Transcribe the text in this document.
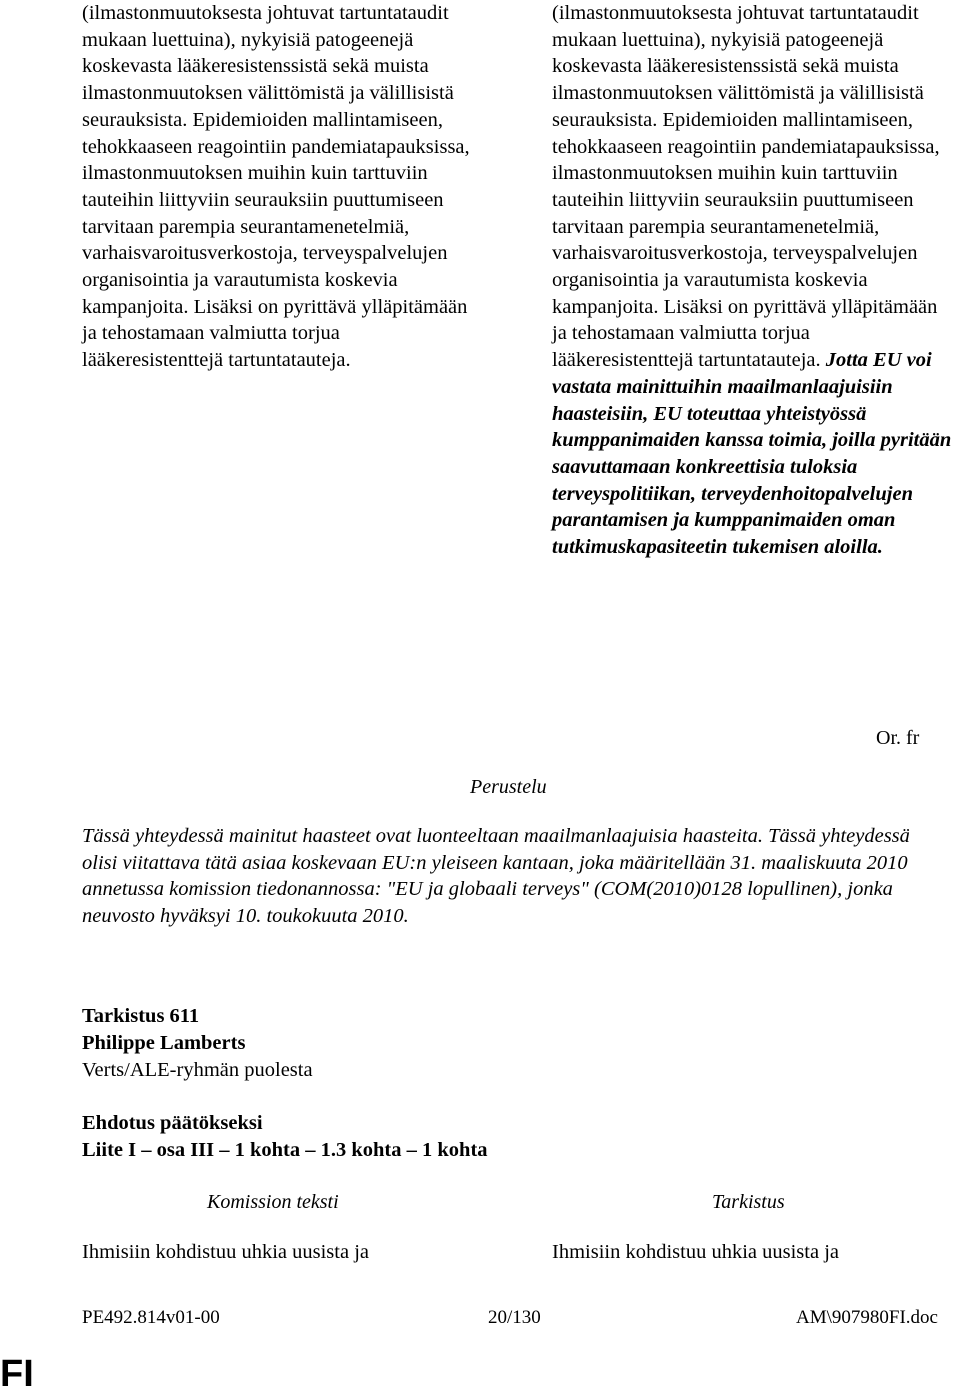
(ilmastonmuutoksesta johtuvat tartuntataudit mukaan luettuina), nykyisiä patogeenejä koskevasta lääkeresistenssistä sekä muista ilmastonmuutoksen välittömistä ja välillisistä seurauksista. Epidemioiden mallintamiseen, tehokkaaseen reagointiin pandemiatapauksissa, ilmastonmuutoksen muihin kuin tarttuviin tauteihin liittyviin seurauksiin puuttumiseen tarvitaan parempia seurantamenetelmiä, varhaisvaroitusverkostoja, terveyspalvelujen organisointia ja varautumista koskevia kampanjoita. Lisäksi on pyrittävä ylläpitämään ja tehostamaan valmiutta torjua lääkeresistenttejä tartuntatauteja.

(ilmastonmuutoksesta johtuvat tartuntataudit mukaan luettuina), nykyisiä patogeenejä koskevasta lääkeresistenssistä sekä muista ilmastonmuutoksen välittömistä ja välillisistä seurauksista. Epidemioiden mallintamiseen, tehokkaaseen reagointiin pandemiatapauksissa, ilmastonmuutoksen muihin kuin tarttuviin tauteihin liittyviin seurauksiin puuttumiseen tarvitaan parempia seurantamenetelmiä, varhaisvaroitusverkostoja, terveyspalvelujen organisointia ja varautumista koskevia kampanjoita. Lisäksi on pyrittävä ylläpitämään ja tehostamaan valmiutta torjua lääkeresistenttejä tartuntatauteja. Jotta EU voi vastata mainittuihin maailmanlaajuisiin haasteisiin, EU toteuttaa yhteistyössä kumppanimaiden kanssa toimia, joilla pyritään saavuttamaan konkreettisia tuloksia terveyspolitiikan, terveydenhoitopalvelujen parantamisen ja kumppanimaiden oman tutkimuskapasiteetin tukemisen aloilla.

Or. fr
Perustelu

Tässä yhteydessä mainitut haasteet ovat luonteeltaan maailmanlaajuisia haasteita. Tässä yhteydessä olisi viitattava tätä asiaa koskevaan EU:n yleiseen kantaan, joka määritellään 31. maaliskuuta 2010 annetussa komission tiedonannossa: "EU ja globaali terveys" (COM(2010)0128 lopullinen), jonka neuvosto hyväksyi 10. toukokuuta 2010.

Tarkistus 611
Philippe Lamberts
Verts/ALE-ryhmän puolesta
Ehdotus päätökseksi
Liite I – osa III – 1 kohta – 1.3 kohta – 1 kohta
Komission teksti	Tarkistus
Ihmisiin kohdistuu uhkia uusista ja	Ihmisiin kohdistuu uhkia uusista ja
PE492.814v01-00	20/130	AM\907980FI.doc
FI
